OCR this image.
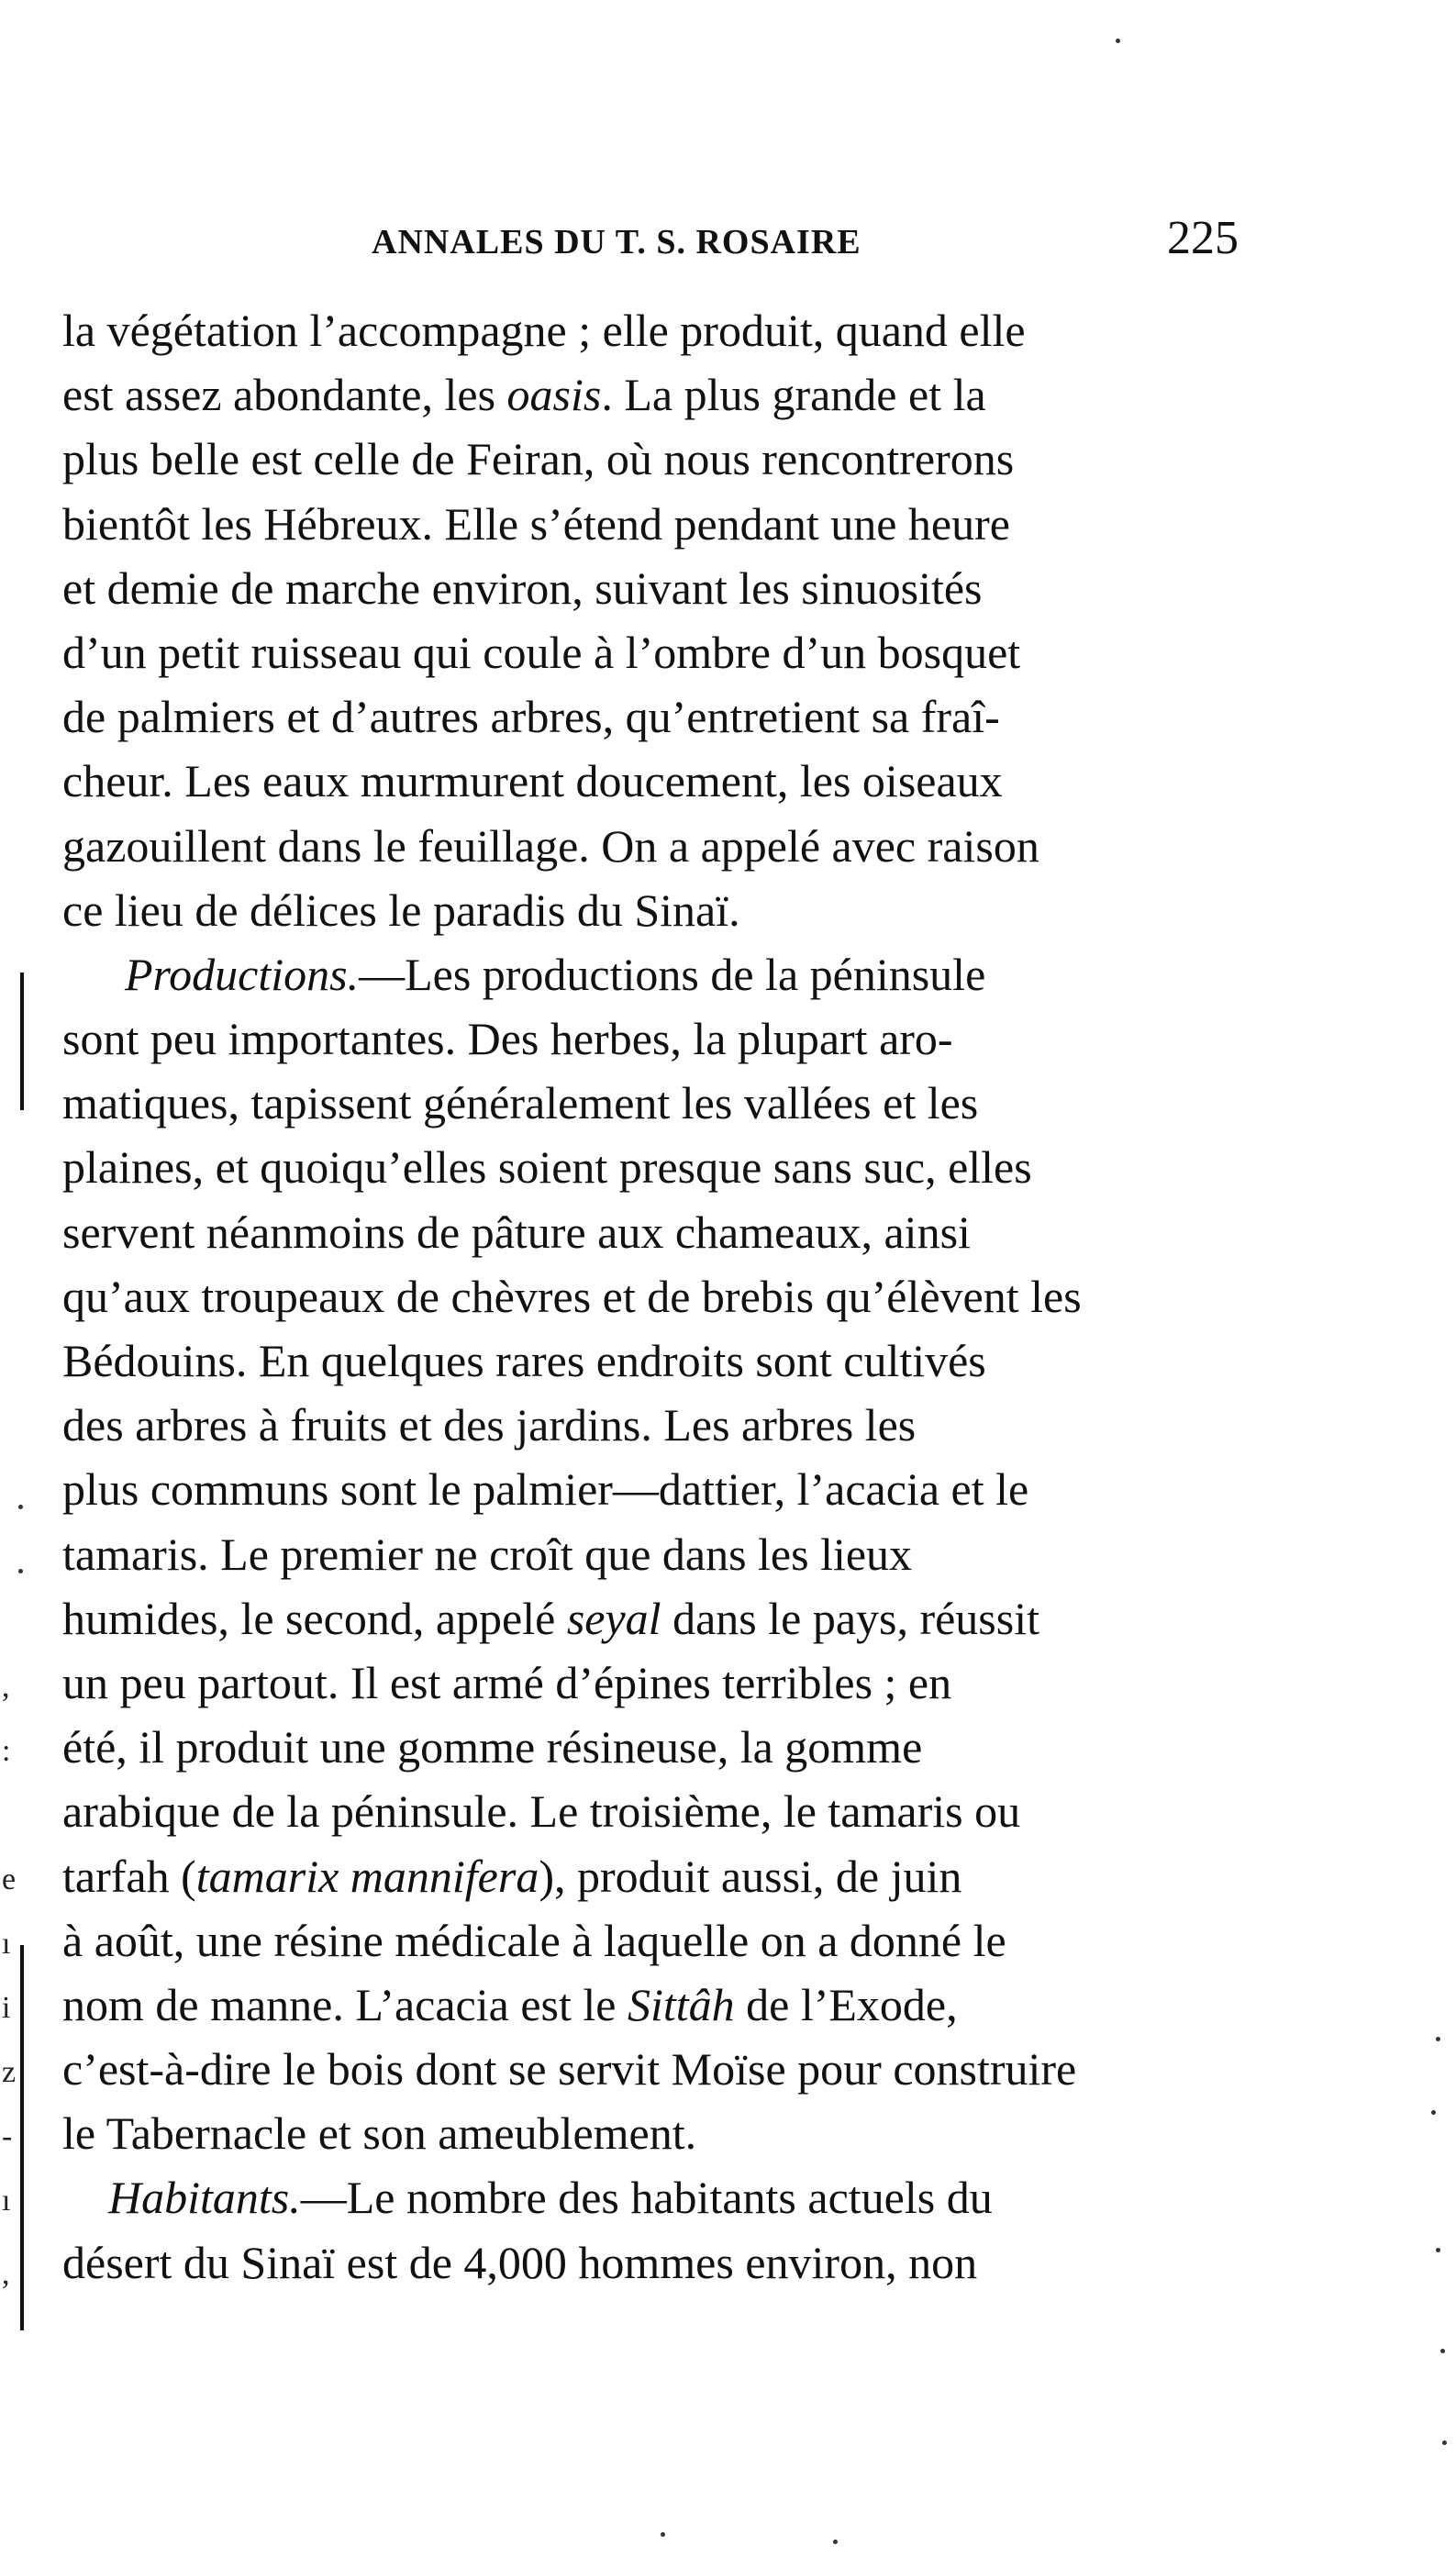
ANNALES DU T. S. ROSAIRE	225
la végétation l’accompagne ; elle produit, quand elle
est assez abondante, les oasis. La plus grande et la
plus belle est celle de Feiran, où nous rencontrerons
bientôt les Hébreux. Elle s’étend pendant une heure
et demie de marche environ, suivant les sinuosités
d’un petit ruisseau qui coule à l’ombre d’un bosquet
de palmiers et d’autres arbres, qu’entretient sa fraî-
cheur. Les eaux murmurent doucement, les oiseaux
gazouillent dans le feuillage. On a appelé avec raison
ce lieu de délices le paradis du Sinaï.
Productions.—Les productions de la péninsule
sont peu importantes. Des herbes, la plupart aro-
matiques, tapissent généralement les vallées et les
plaines, et quoiqu’elles soient presque sans suc, elles
servent néanmoins de pâture aux chameaux, ainsi
qu’aux troupeaux de chèvres et de brebis qu’élèvent les
Bédouins. En quelques rares endroits sont cultivés
des arbres à fruits et des jardins. Les arbres les
plus communs sont le palmier—dattier, l’acacia et le
tamaris. Le premier ne croît que dans les lieux
humides, le second, appelé seyal dans le pays, réussit
un peu partout. Il est armé d’épines terribles ; en
été, il produit une gomme résineuse, la gomme
arabique de la péninsule. Le troisième, le tamaris ou
tarfah (tamarix mannifera), produit aussi, de juin
à août, une résine médicale à laquelle on a donné le
nom de manne. L’acacia est le Sittâh de l’Exode,
c’est-à-dire le bois dont se servit Moïse pour construire
le Tabernacle et son ameublement.
Habitants.—Le nombre des habitants actuels du
désert du Sinaï est de 4,000 hommes environ, non
,
:
e
ı
i
z
-
ı
,
